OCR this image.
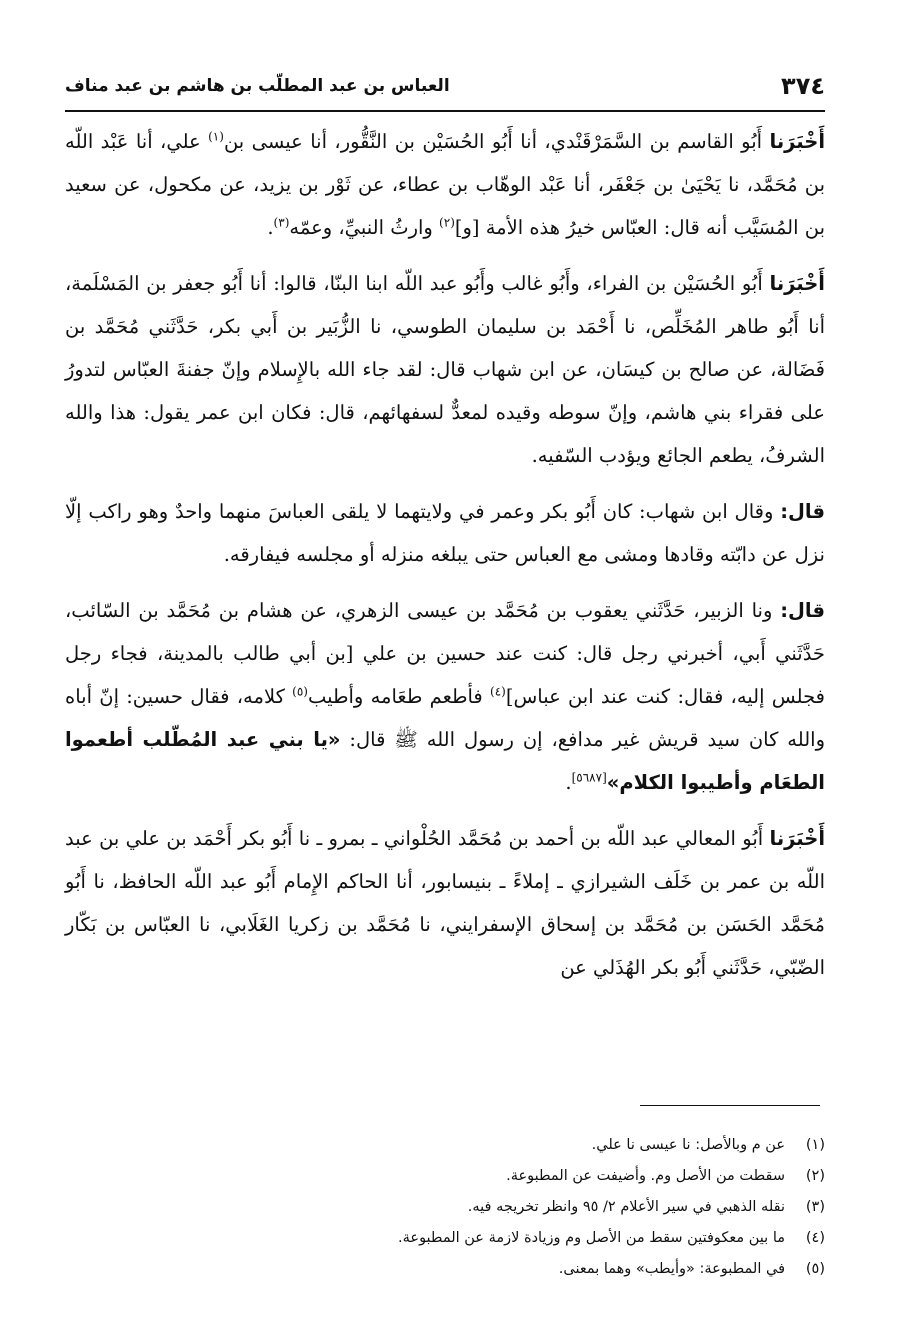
٣٧٤
العباس بن عبد المطلّب بن هاشم بن عبد مناف

أَخْبَرَنا أَبُو القاسم بن السَّمَرْقَنْدي، أنا أَبُو الحُسَيْن بن النَّقُّور، أنا عيسى بن$^{(١)}$ علي، أنا عَبْد اللّه بن مُحَمَّد، نا يَحْيَىٰ بن جَعْفَر، أنا عَبْد الوهّاب بن عطاء، عن ثَوْر بن يزيد، عن مكحول، عن سعيد بن المُسَيَّب أنه قال: العبّاس خيرُ هذه الأمة [و]$^{(٢)}$ وارثُ النبيِّ، وعمّه$^{(٣)}$.

أَخْبَرَنا أَبُو الحُسَيْن بن الفراء، وأَبُو غالب وأَبُو عبد اللّه ابنا البنّا، قالوا: أنا أَبُو جعفر بن المَسْلَمة، أنا أَبُو طاهر المُخَلِّص، نا أَحْمَد بن سليمان الطوسي، نا الزُّبَير بن أَبي بكر، حَدَّثَني مُحَمَّد بن فَضَالة، عن صالح بن كيسَان، عن ابن شهاب قال: لقد جاء الله بالإِسلام وإنّ جفنةَ العبّاس لتدورُ على فقراء بني هاشم، وإنّ سوطه وقيده لمعدٌّ لسفهائهم، قال: فكان ابن عمر يقول: هذا والله الشرفُ، يطعم الجائع ويؤدب السّفيه.

قال: وقال ابن شهاب: كان أَبُو بكر وعمر في ولايتهما لا يلقى العباسَ منهما واحدٌ وهو راكب إلّا نزل عن دابّته وقادها ومشى مع العباس حتى يبلغه منزله أو مجلسه فيفارقه.

قال: ونا الزبير، حَدَّثَني يعقوب بن مُحَمَّد بن عيسى الزهري، عن هشام بن مُحَمَّد بن السّائب، حَدَّثَني أَبي، أخبرني رجل قال: كنت عند حسين بن علي [بن أبي طالب بالمدينة، فجاء رجل فجلس إليه، فقال: كنت عند ابن عباس]$^{(٤)}$ فأطعم طعَامه وأطيب$^{(٥)}$ كلامه، فقال حسين: إنّ أباه والله كان سيد قريش غير مدافع، إن رسول الله ﷺ قال: «يا بني عبد المُطّلب أطعموا الطعَام وأطيبوا الكلام»[٥٦٨٧].

أَخْبَرَنا أَبُو المعالي عبد اللّه بن أحمد بن مُحَمَّد الحُلْواني ـ بمرو ـ نا أَبُو بكر أَحْمَد بن علي بن عبد اللّه بن عمر بن خَلَف الشيرازي ـ إملاءً ـ بنيسابور، أنا الحاكم الإِمام أَبُو عبد اللّه الحافظ، نا أَبُو مُحَمَّد الحَسَن بن مُحَمَّد بن إسحاق الإسفرايني، نا مُحَمَّد بن زكريا الغَلَابي، نا العبّاس بن بَكّار الضّبّي، حَدَّثَني أَبُو بكر الهُذَلي عن

(١)عن م وبالأصل: نا عيسى نا علي.
(٢)سقطت من الأصل وم. وأضيفت عن المطبوعة.
(٣)نقله الذهبي في سير الأعلام ٢/ ٩٥ وانظر تخريجه فيه.
(٤)ما بين معكوفتين سقط من الأصل وم وزيادة لازمة عن المطبوعة.
(٥)في المطبوعة: «وأيطب» وهما بمعنى.
